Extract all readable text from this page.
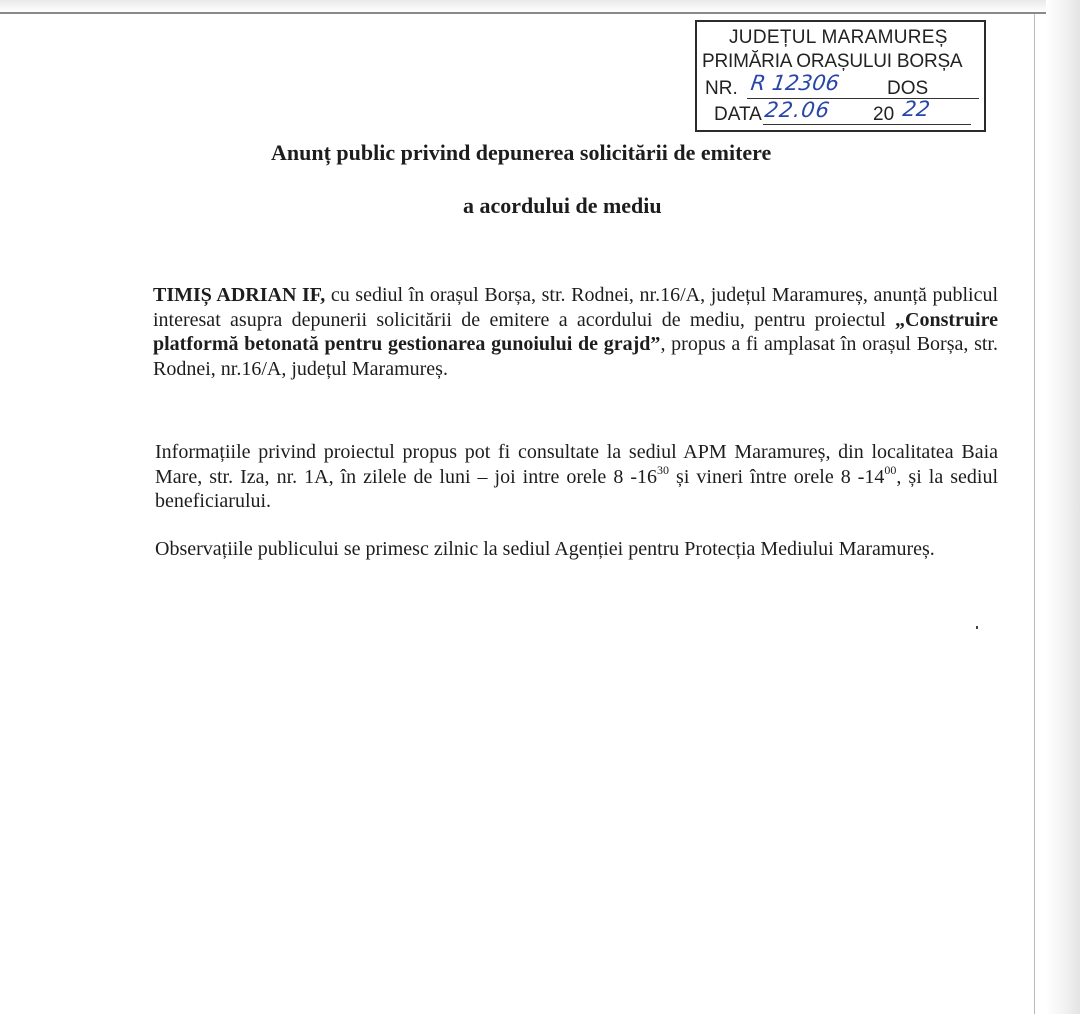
JUDEȚUL MARAMUREȘ
PRIMĂRIA ORAȘULUI BORȘA
NR. R 12306 DOS
DATA 22.06 20 22
Anunț public privind depunerea solicitării de emitere
a acordului de mediu
TIMIȘ ADRIAN IF, cu sediul în orașul Borșa, str. Rodnei, nr.16/A, județul Maramureș, anunță publicul interesat asupra depunerii solicitării de emitere a acordului de mediu, pentru proiectul „Construire platformă betonată pentru gestionarea gunoiului de grajd”, propus a fi amplasat în orașul Borșa, str. Rodnei, nr.16/A, județul Maramureș.
Informațiile privind proiectul propus pot fi consultate la sediul APM Maramureș, din localitatea Baia Mare, str. Iza, nr. 1A, în zilele de luni – joi intre orele 8 $-16^{30}$ și vineri între orele 8 $-14^{00}$, și la sediul beneficiarului.
Observațiile publicului se primesc zilnic la sediul Agenției pentru Protecția Mediului Maramureș.
